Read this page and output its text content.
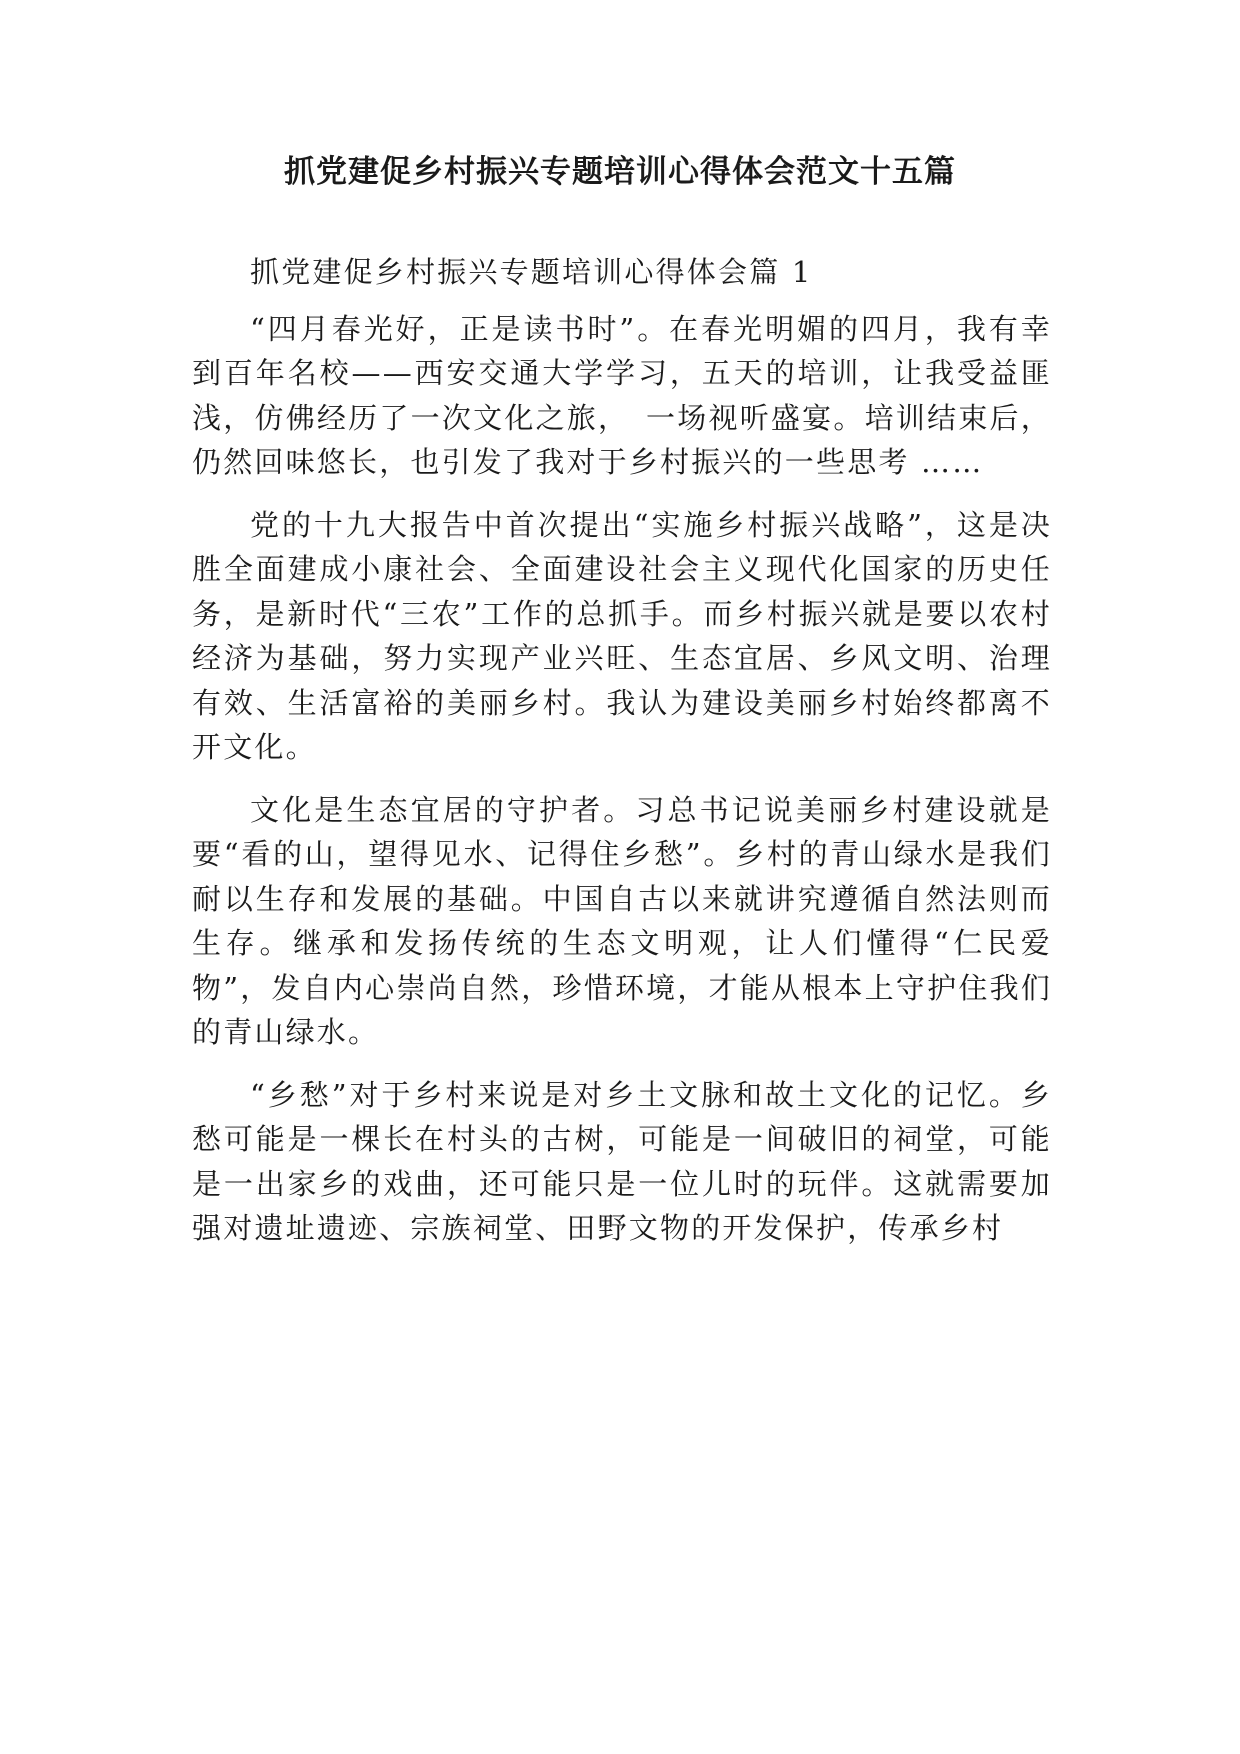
抓党建促乡村振兴专题培训心得体会范文十五篇

抓党建促乡村振兴专题培训心得体会篇 1

“四月春光好，正是读书时”。在春光明媚的四月，我有幸到百年名校——西安交通大学学习，五天的培训，让我受益匪浅，仿佛经历了一次文化之旅，　一场视听盛宴。培训结束后，仍然回味悠长，也引发了我对于乡村振兴的一些思考 ……

党的十九大报告中首次提出“实施乡村振兴战略”，这是决胜全面建成小康社会、全面建设社会主义现代化国家的历史任务，是新时代“三农”工作的总抓手。而乡村振兴就是要以农村经济为基础，努力实现产业兴旺、生态宜居、乡风文明、治理有效、生活富裕的美丽乡村。我认为建设美丽乡村始终都离不开文化。

文化是生态宜居的守护者。习总书记说美丽乡村建设就是要“看的山，望得见水、记得住乡愁”。乡村的青山绿水是我们耐以生存和发展的基础。中国自古以来就讲究遵循自然法则而生存。继承和发扬传统的生态文明观，让人们懂得“仁民爱物”，发自内心崇尚自然，珍惜环境，才能从根本上守护住我们的青山绿水。

“乡愁”对于乡村来说是对乡土文脉和故土文化的记忆。乡愁可能是一棵长在村头的古树，可能是一间破旧的祠堂，可能是一出家乡的戏曲，还可能只是一位儿时的玩伴。这就需要加强对遗址遗迹、宗族祠堂、田野文物的开发保护，传承乡村
